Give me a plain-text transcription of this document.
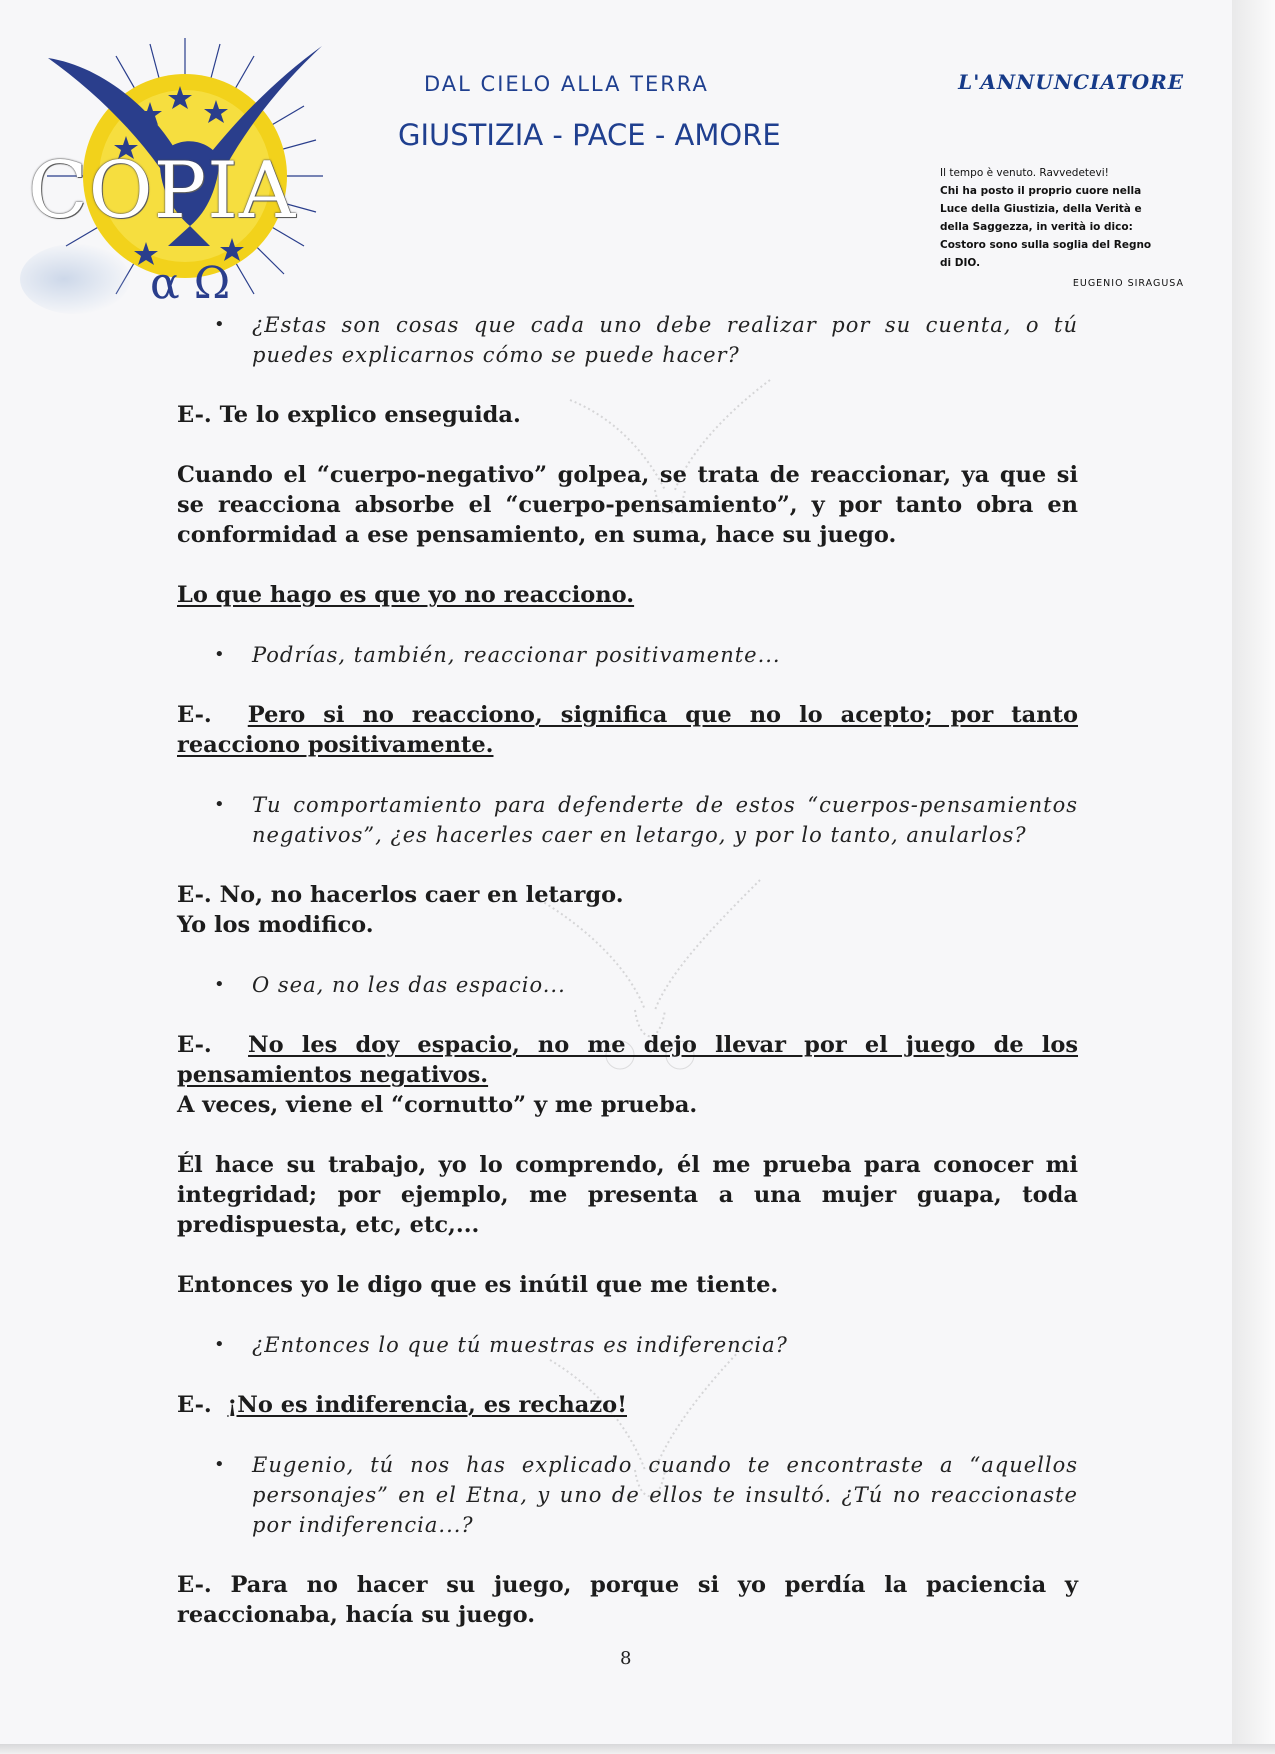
α Ω
COPIA
DAL CIELO ALLA TERRA
GIUSTIZIA - PACE - AMORE
L'ANNUNCIATORE
Il tempo è venuto. Ravvedetevi!
Chi ha posto il proprio cuore nella
Luce della Giustizia, della Verità e
della Saggezza, in verità io dico:
Costoro sono sulla soglia del Regno
di DIO.
EUGENIO SIRAGUSA
• ¿Estas son cosas que cada uno debe realizar por su cuenta, o tú puedes explicarnos cómo se puede hacer?

E-. Te lo explico enseguida.

Cuando el “cuerpo-negativo” golpea, se trata de reaccionar, ya que si se reacciona absorbe el “cuerpo-pensamiento”, y por tanto obra en conformidad a ese pensamiento, en suma, hace su juego.

Lo que hago es que yo no reacciono.

• Podrías, también, reaccionar positivamente...

E-.  Pero si no reacciono, significa que no lo acepto; por tanto reacciono positivamente.

• Tu comportamiento para defenderte de estos “cuerpos-pensamientos negativos”, ¿es hacerles caer en letargo, y por lo tanto, anularlos?

E-. No, no hacerlos caer en letargo.
Yo los modifico.

• O sea, no les das espacio...

E-.  No les doy espacio, no me dejo llevar por el juego de los pensamientos negativos.
A veces, viene el “cornutto” y me prueba.

Él hace su trabajo, yo lo comprendo, él me prueba para conocer mi integridad; por ejemplo, me presenta a una mujer guapa, toda predispuesta, etc, etc,...

Entonces yo le digo que es inútil que me tiente.

• ¿Entonces lo que tú muestras es indiferencia?

E-.  ¡No es indiferencia, es rechazo!

• Eugenio, tú nos has explicado cuando te encontraste a “aquellos personajes” en el Etna, y uno de ellos te insultó. ¿Tú no reaccionaste por indiferencia...?

E-. Para no hacer su juego, porque si yo perdía la paciencia y reaccionaba, hacía su juego.

8
